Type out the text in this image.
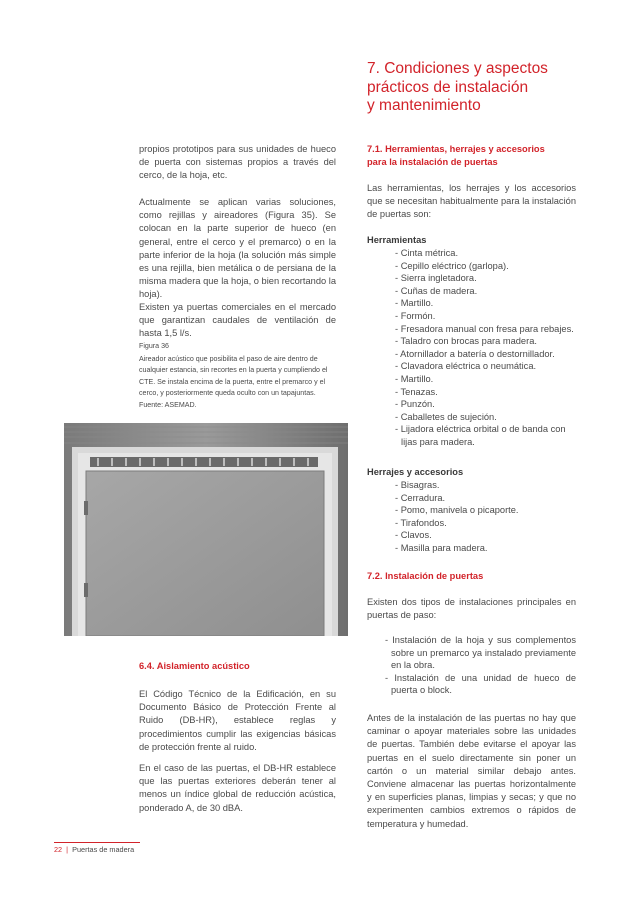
7. Condiciones y aspectos

prácticos de instalación

y mantenimiento

propios prototipos para sus unidades de hueco de puerta con sistemas propios a través del cerco, de la hoja, etc.

Actualmente se aplican varias soluciones, como rejillas y aireadores (Figura 35). Se colocan en la parte superior de hueco (en general, entre el cerco y el premarco) o en la parte inferior de la hoja (la solución más simple es una rejilla, bien metálica o de persiana de la misma madera que la hoja, o bien recortando la hoja).

Existen ya puertas comerciales en el mercado que garantizan caudales de ventilación de hasta 1,5 l/s.

Figura 36

Aireador acústico que posibilita el paso de aire dentro de cualquier estancia, sin recortes en la puerta y cumpliendo el CTE. Se instala encima de la puerta, entre el premarco y el cerco, y posteriormente queda oculto con un tapajuntas. Fuente: ASEMAD.

6.4. Aislamiento acústico

El Código Técnico de la Edificación, en su Documento Básico de Protección Frente al Ruido (DB-HR), establece reglas y procedimientos cumplir las exigencias básicas de protección frente al ruido.

En el caso de las puertas, el DB-HR establece que las puertas exteriores deberán tener al menos un índice global de reducción acústica, ponderado A, de 30 dBA.

7.1. Herramientas, herrajes y accesorios

para la instalación de puertas

Las herramientas, los herrajes y los accesorios que se necesitan habitualmente para la instalación de puertas son:

Herramientas

- Cinta métrica.
- Cepillo eléctrico (garlopa).
- Sierra ingletadora.
- Cuñas de madera.
- Martillo.
- Formón.
- Fresadora manual con fresa para rebajes.
- Taladro con brocas para madera.
- Atornillador a batería o destornillador.
- Clavadora eléctrica o neumática.
- Martillo.
- Tenazas.
- Punzón.
- Caballetes de sujeción.
- Lijadora eléctrica orbital o de banda con lijas para madera.

Herrajes y accesorios

- Bisagras.
- Cerradura.
- Pomo, manivela o picaporte.
- Tirafondos.
- Clavos.
- Masilla para madera.

7.2. Instalación de puertas

Existen dos tipos de instalaciones principales en puertas de paso:

- Instalación de la hoja y sus complementos sobre un premarco ya instalado previamente en la obra.
- Instalación de una unidad de hueco de puerta o block.

Antes de la instalación de las puertas no hay que caminar o apoyar materiales sobre las unidades de puertas. También debe evitarse el apoyar las puertas en el suelo directamente sin poner un cartón o un material similar debajo antes. Conviene almacenar las puertas horizontalmente y en superficies planas, limpias y secas; y que no experimenten cambios extremos o rápidos de temperatura y humedad.

22 | Puertas de madera
